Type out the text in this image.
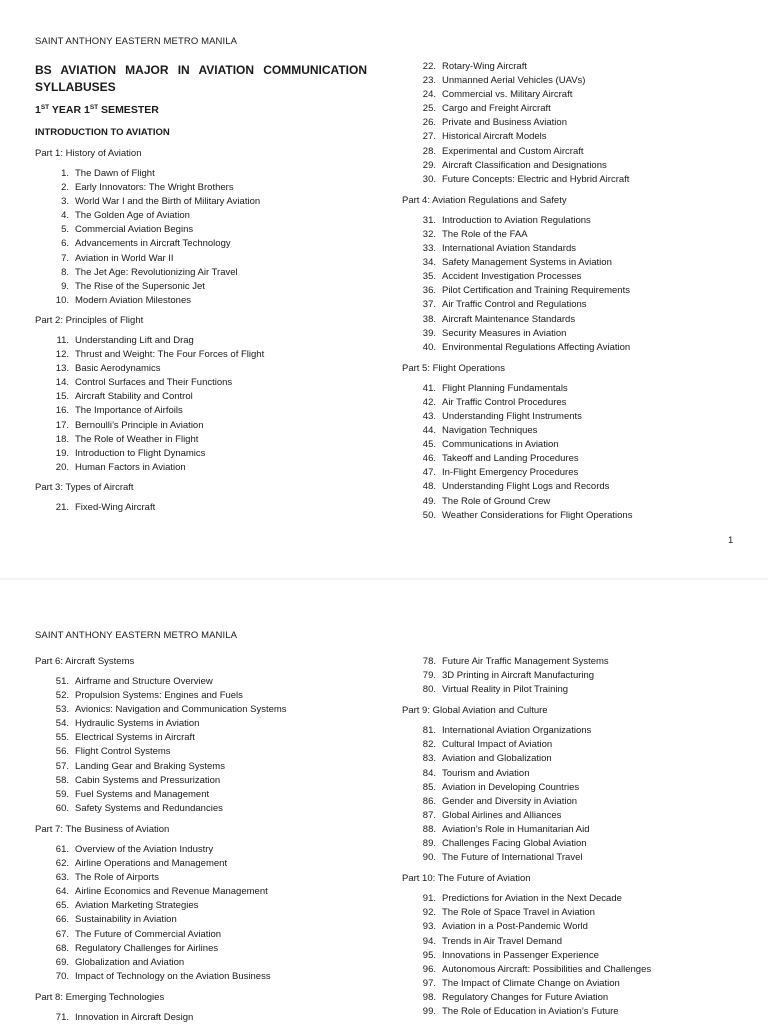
SAINT ANTHONY EASTERN METRO MANILA

BS AVIATION MAJOR IN AVIATION COMMUNICATION

SYLLABUSES

1ST YEAR 1ST SEMESTER

INTRODUCTION TO AVIATION

Part 1: History of Aviation

1. The Dawn of Flight
2. Early Innovators: The Wright Brothers
3. World War I and the Birth of Military Aviation
4. The Golden Age of Aviation
5. Commercial Aviation Begins
6. Advancements in Aircraft Technology
7. Aviation in World War II
8. The Jet Age: Revolutionizing Air Travel
9. The Rise of the Supersonic Jet
10. Modern Aviation Milestones

Part 2: Principles of Flight

11. Understanding Lift and Drag
12. Thrust and Weight: The Four Forces of Flight
13. Basic Aerodynamics
14. Control Surfaces and Their Functions
15. Aircraft Stability and Control
16. The Importance of Airfoils
17. Bernoulli’s Principle in Aviation
18. The Role of Weather in Flight
19. Introduction to Flight Dynamics
20. Human Factors in Aviation

Part 3: Types of Aircraft

21. Fixed-Wing Aircraft
22. Rotary-Wing Aircraft
23. Unmanned Aerial Vehicles (UAVs)
24. Commercial vs. Military Aircraft
25. Cargo and Freight Aircraft
26. Private and Business Aviation
27. Historical Aircraft Models
28. Experimental and Custom Aircraft
29. Aircraft Classification and Designations
30. Future Concepts: Electric and Hybrid Aircraft

Part 4: Aviation Regulations and Safety

31. Introduction to Aviation Regulations
32. The Role of the FAA
33. International Aviation Standards
34. Safety Management Systems in Aviation
35. Accident Investigation Processes
36. Pilot Certification and Training Requirements
37. Air Traffic Control and Regulations
38. Aircraft Maintenance Standards
39. Security Measures in Aviation
40. Environmental Regulations Affecting Aviation

Part 5: Flight Operations

41. Flight Planning Fundamentals
42. Air Traffic Control Procedures
43. Understanding Flight Instruments
44. Navigation Techniques
45. Communications in Aviation
46. Takeoff and Landing Procedures
47. In-Flight Emergency Procedures
48. Understanding Flight Logs and Records
49. The Role of Ground Crew
50. Weather Considerations for Flight Operations
1
SAINT ANTHONY EASTERN METRO MANILA

Part 6: Aircraft Systems

51. Airframe and Structure Overview
52. Propulsion Systems: Engines and Fuels
53. Avionics: Navigation and Communication Systems
54. Hydraulic Systems in Aviation
55. Electrical Systems in Aircraft
56. Flight Control Systems
57. Landing Gear and Braking Systems
58. Cabin Systems and Pressurization
59. Fuel Systems and Management
60. Safety Systems and Redundancies

Part 7: The Business of Aviation

61. Overview of the Aviation Industry
62. Airline Operations and Management
63. The Role of Airports
64. Airline Economics and Revenue Management
65. Aviation Marketing Strategies
66. Sustainability in Aviation
67. The Future of Commercial Aviation
68. Regulatory Challenges for Airlines
69. Globalization and Aviation
70. Impact of Technology on the Aviation Business

Part 8: Emerging Technologies

71. Innovation in Aircraft Design
78. Future Air Traffic Management Systems
79. 3D Printing in Aircraft Manufacturing
80. Virtual Reality in Pilot Training

Part 9: Global Aviation and Culture

81. International Aviation Organizations
82. Cultural Impact of Aviation
83. Aviation and Globalization
84. Tourism and Aviation
85. Aviation in Developing Countries
86. Gender and Diversity in Aviation
87. Global Airlines and Alliances
88. Aviation’s Role in Humanitarian Aid
89. Challenges Facing Global Aviation
90. The Future of International Travel

Part 10: The Future of Aviation

91. Predictions for Aviation in the Next Decade
92. The Role of Space Travel in Aviation
93. Aviation in a Post-Pandemic World
94. Trends in Air Travel Demand
95. Innovations in Passenger Experience
96. Autonomous Aircraft: Possibilities and Challenges
97. The Impact of Climate Change on Aviation
98. Regulatory Changes for Future Aviation
99. The Role of Education in Aviation’s Future
